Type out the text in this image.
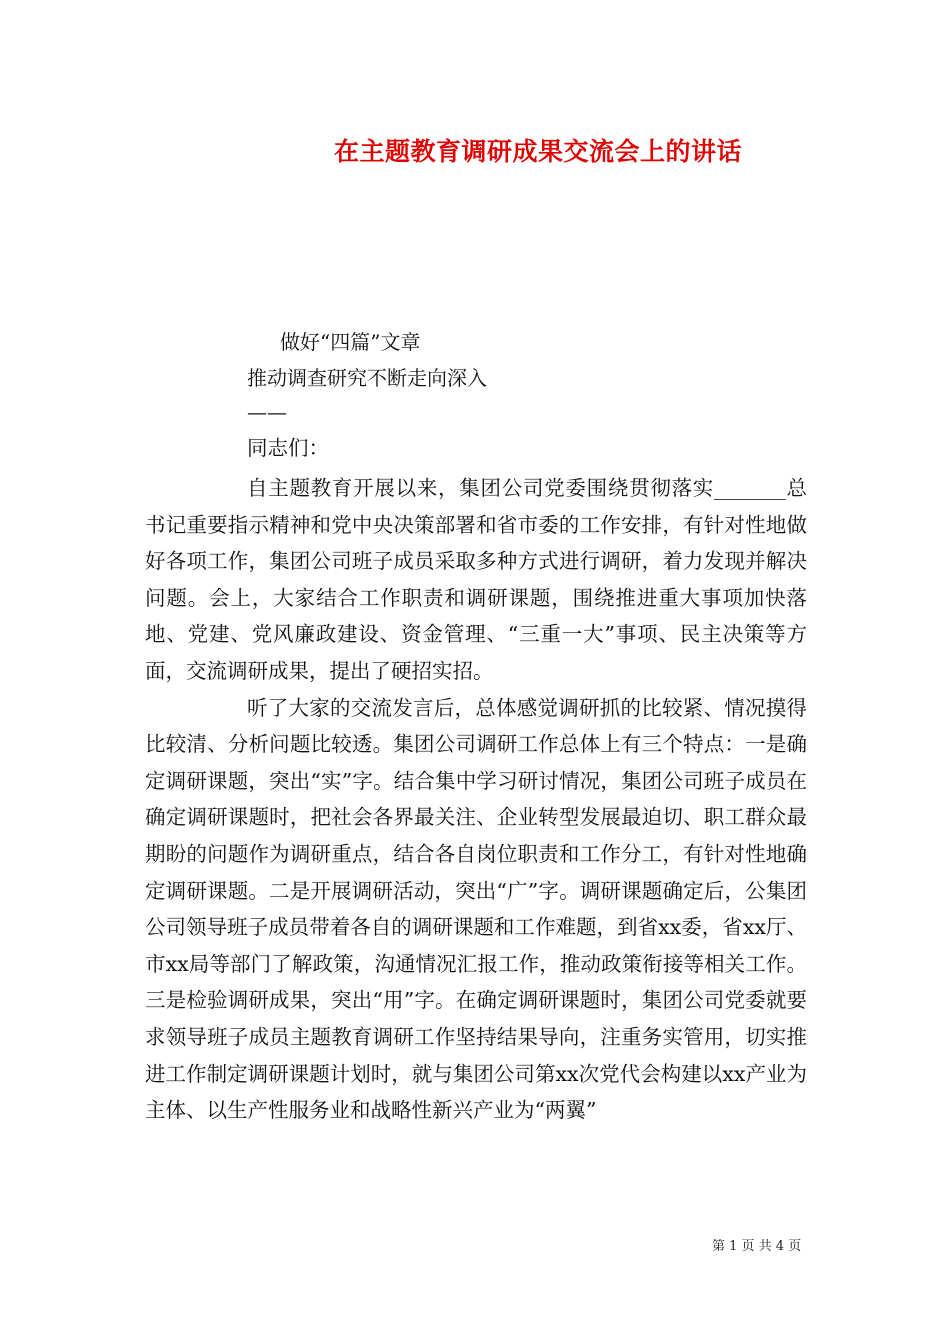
在主题教育调研成果交流会上的讲话
做好“四篇”文章
推动调查研究不断走向深入
——
同志们：

自主题教育开展以来，集团公司党委围绕贯彻落实_______总书记重要指示精神和党中央决策部署和省市委的工作安排，有针对性地做好各项工作，集团公司班子成员采取多种方式进行调研，着力发现并解决问题。会上，大家结合工作职责和调研课题，围绕推进重大事项加快落地、党建、党风廉政建设、资金管理、“三重一大”事项、民主决策等方面，交流调研成果，提出了硬招实招。

听了大家的交流发言后，总体感觉调研抓的比较紧、情况摸得比较清、分析问题比较透。集团公司调研工作总体上有三个特点：一是确定调研课题，突出“实”字。结合集中学习研讨情况，集团公司班子成员在确定调研课题时，把社会各界最关注、企业转型发展最迫切、职工群众最期盼的问题作为调研重点，结合各自岗位职责和工作分工，有针对性地确定调研课题。二是开展调研活动，突出“广”字。调研课题确定后，公集团公司领导班子成员带着各自的调研课题和工作难题，到省xx委，省xx厅、市xx局等部门了解政策，沟通情况汇报工作，推动政策衔接等相关工作。三是检验调研成果，突出“用”字。在确定调研课题时，集团公司党委就要求领导班子成员主题教育调研工作坚持结果导向，注重务实管用，切实推进工作制定调研课题计划时，就与集团公司第xx次党代会构建以xx产业为主体、以生产性服务业和战略性新兴产业为“两翼”

第 1 页 共 4 页
